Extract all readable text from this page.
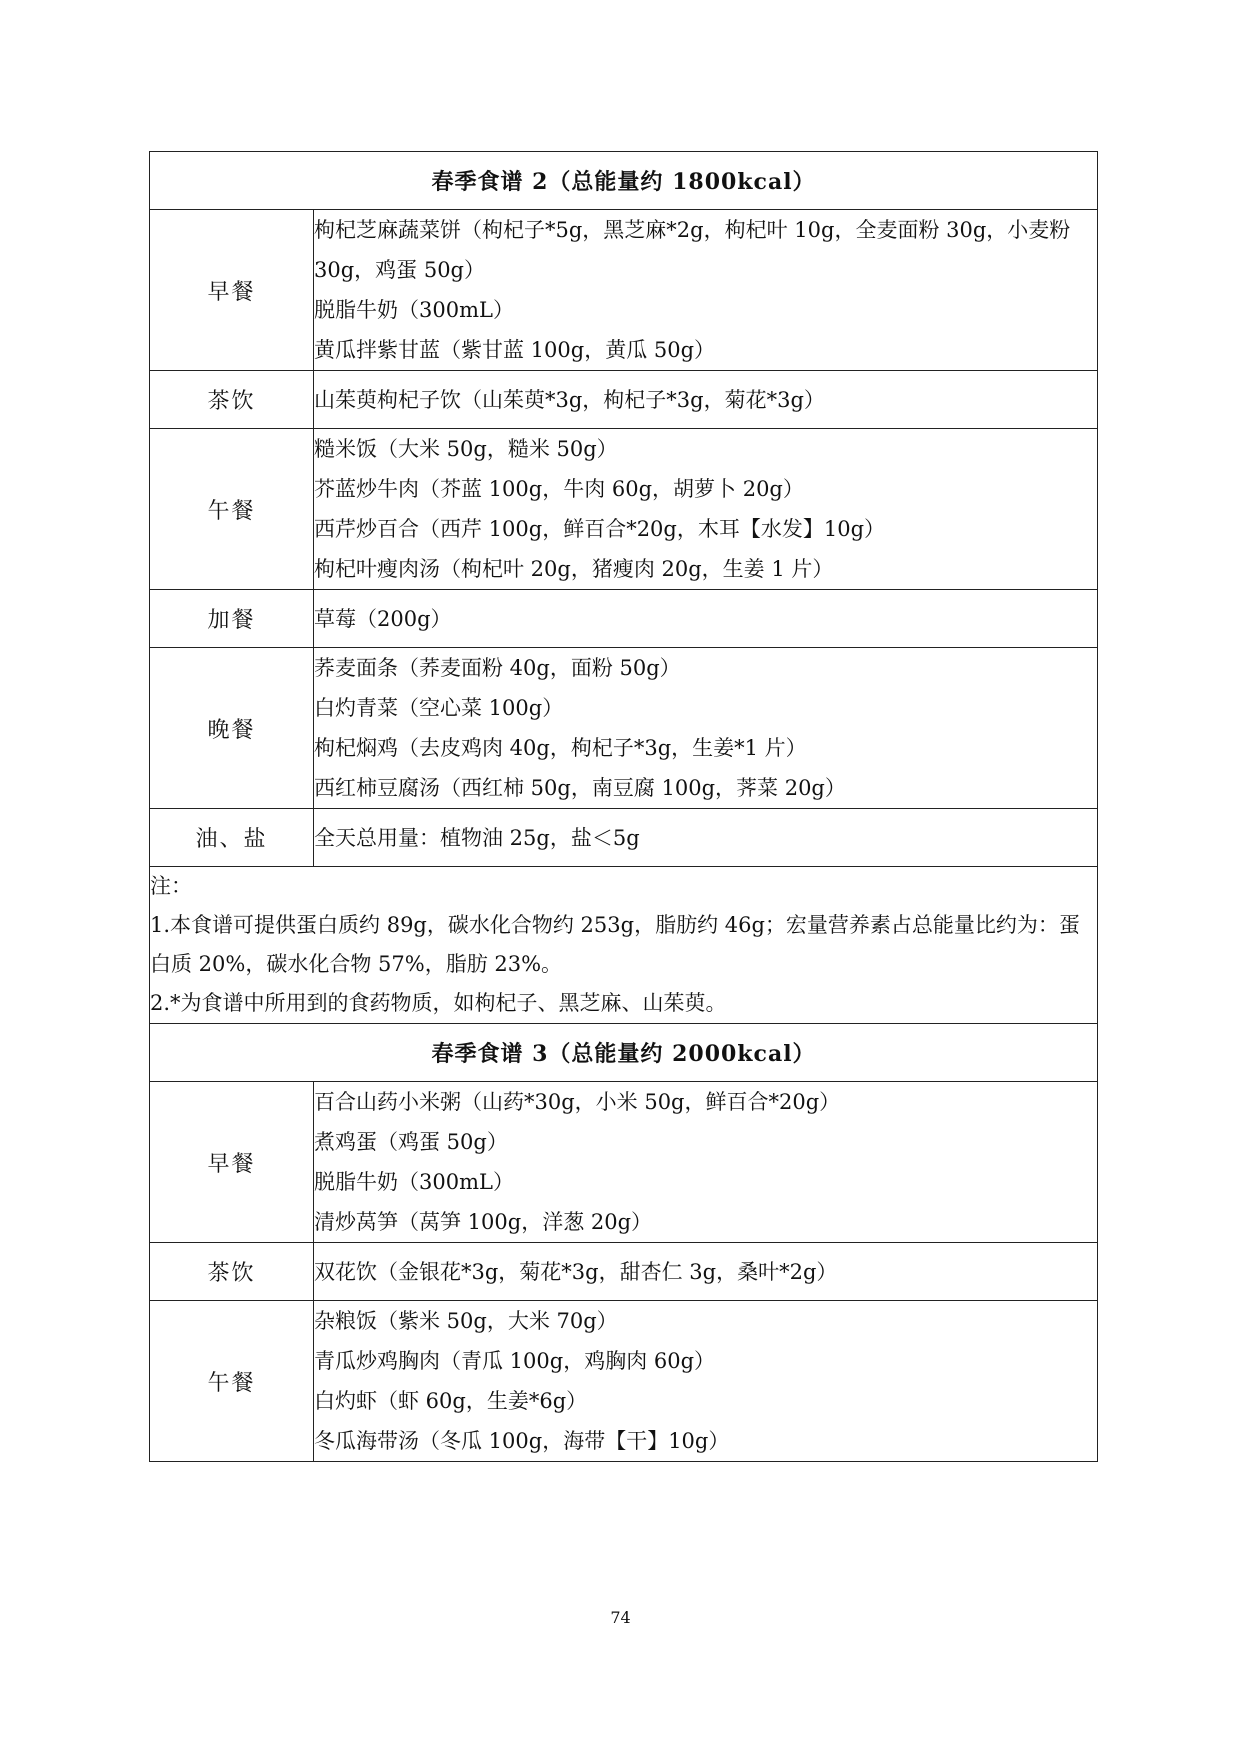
春季食谱 2（总能量约 1800kcal）	
早餐	枸杞芝麻蔬菜饼（枸杞子*5g，黑芝麻*2g，枸杞叶 10g，全麦面粉 30g，小麦粉 30g，鸡蛋 50g）
脱脂牛奶（300mL）
黄瓜拌紫甘蓝（紫甘蓝 100g，黄瓜 50g）

茶饮	山茱萸枸杞子饮（山茱萸*3g，枸杞子*3g，菊花*3g）

午餐	糙米饭（大米 50g，糙米 50g）
芥蓝炒牛肉（芥蓝 100g，牛肉 60g，胡萝卜 20g）
西芹炒百合（西芹 100g，鲜百合*20g，木耳【水发】10g）
枸杞叶瘦肉汤（枸杞叶 20g，猪瘦肉 20g，生姜 1 片）

加餐	草莓（200g）

晚餐	荞麦面条（荞麦面粉 40g，面粉 50g）
白灼青菜（空心菜 100g）
枸杞焖鸡（去皮鸡肉 40g，枸杞子*3g，生姜*1 片）
西红柿豆腐汤（西红柿 50g，南豆腐 100g，荠菜 20g）

油、盐	全天总用量：植物油 25g，盐＜5g

注：
1.本食谱可提供蛋白质约 89g，碳水化合物约 253g，脂肪约 46g；宏量营养素占总能量比约为：蛋白质 20%，碳水化合物 57%，脂肪 23%。
2.*为食谱中所用到的食药物质，如枸杞子、黑芝麻、山茱萸。	

春季食谱 3（总能量约 2000kcal）	
早餐	百合山药小米粥（山药*30g，小米 50g，鲜百合*20g）
煮鸡蛋（鸡蛋 50g）
脱脂牛奶（300mL）
清炒莴笋（莴笋 100g，洋葱 20g）

茶饮	双花饮（金银花*3g，菊花*3g，甜杏仁 3g，桑叶*2g）

午餐	杂粮饭（紫米 50g，大米 70g）
青瓜炒鸡胸肉（青瓜 100g，鸡胸肉 60g）
白灼虾（虾 60g，生姜*6g）
冬瓜海带汤（冬瓜 100g，海带【干】10g）
74
